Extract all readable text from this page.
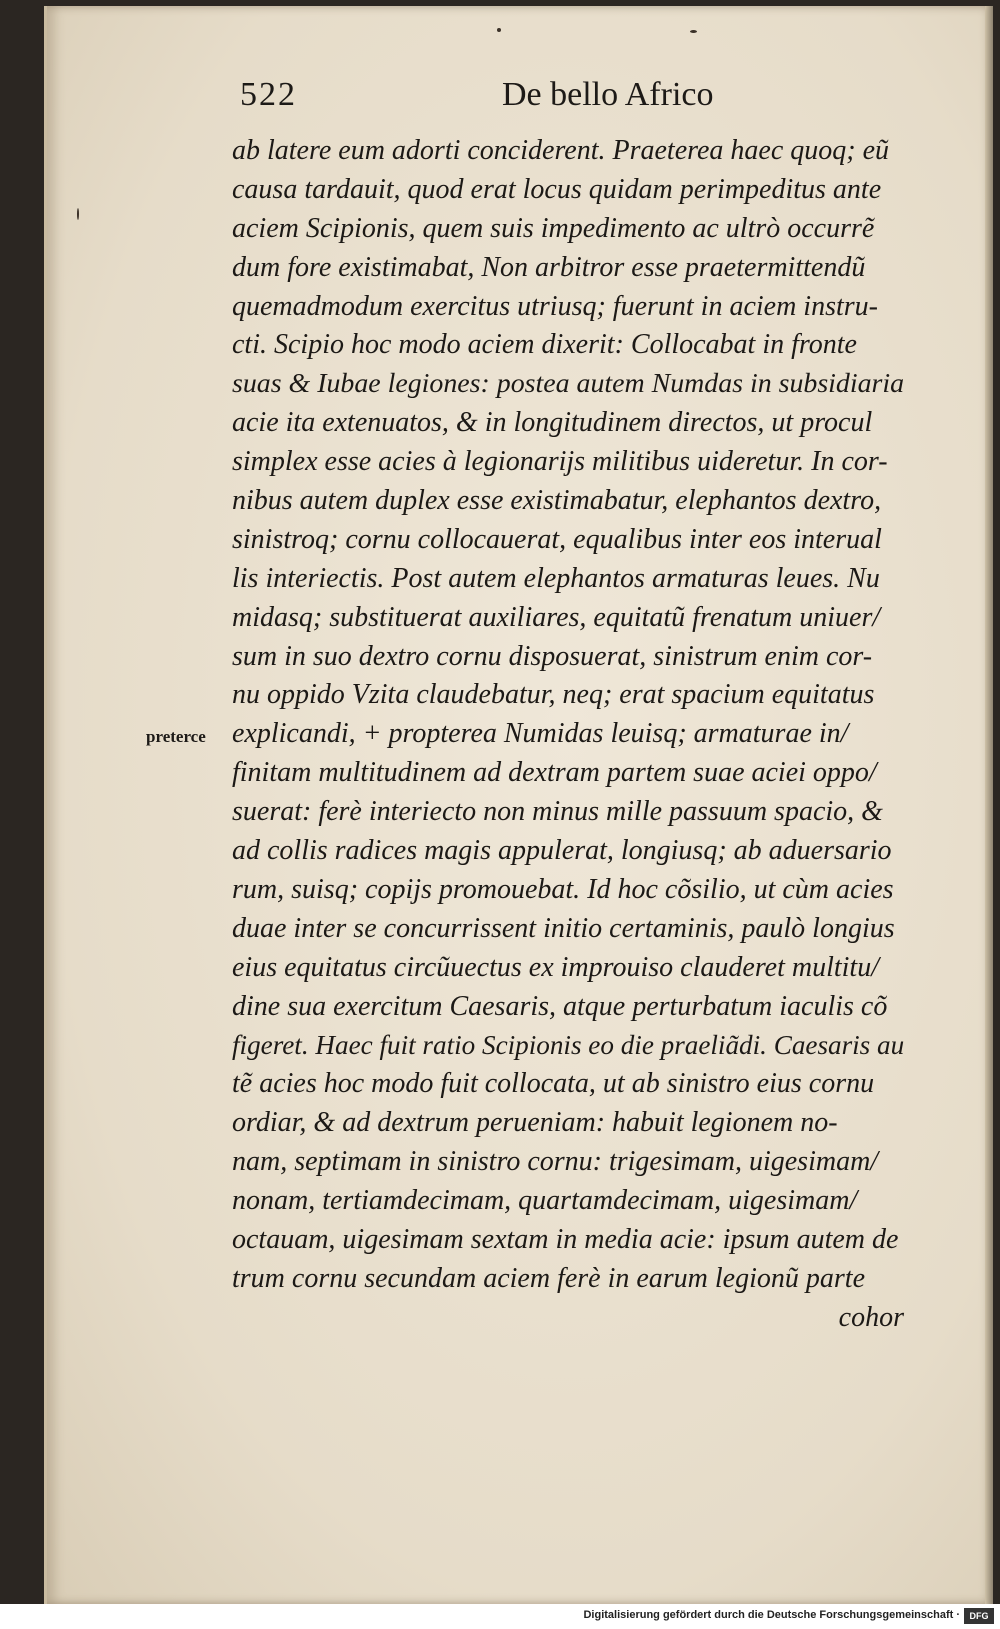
522	De bello Africo
preterce
ab latere eum adorti conciderent. Praeterea haec quoq; eũ
causa tardauit, quod erat locus quidam perimpeditus ante
aciem Scipionis, quem suis impedimento ac ultrò occurrẽ
dum fore existimabat, Non arbitror esse praetermittendũ
quemadmodum exercitus utriusq; fuerunt in aciem instru-
cti. Scipio hoc modo aciem dixerit: Collocabat in fronte
suas & Iubae legiones: postea autem Numdas in subsidiaria
acie ita extenuatos, & in longitudinem directos, ut procul
simplex esse acies à legionarijs militibus uideretur. In cor-
nibus autem duplex esse existimabatur, elephantos dextro,
sinistroq; cornu collocauerat, equalibus inter eos interual
lis interiectis. Post autem elephantos armaturas leues. Nu
midasq; substituerat auxiliares, equitatũ frenatum uniuer/
sum in suo dextro cornu disposuerat, sinistrum enim cor-
nu oppido Vzita claudebatur, neq; erat spacium equitatus
explicandi, + propterea Numidas leuisq; armaturae in/
finitam multitudinem ad dextram partem suae aciei oppo/
suerat: ferè interiecto non minus mille passuum spacio, &
ad collis radices magis appulerat, longiusq; ab aduersario
rum, suisq; copijs promouebat. Id hoc cõsilio, ut cùm acies
duae inter se concurrissent initio certaminis, paulò longius
eius equitatus circũuectus ex improuiso clauderet multitu/
dine sua exercitum Caesaris, atque perturbatum iaculis cõ
figeret. Haec fuit ratio Scipionis eo die praeliãdi. Caesaris au
tẽ acies hoc modo fuit collocata, ut ab sinistro eius cornu
ordiar, & ad dextrum perueniam: habuit legionem no-
nam, septimam in sinistro cornu: trigesimam, uigesimam/
nonam, tertiamdecimam, quartamdecimam, uigesimam/
octauam, uigesimam sextam in media acie: ipsum autem de
trum cornu secundam aciem ferè in earum legionũ parte
cohor
Digitalisierung gefördert durch die Deutsche Forschungsgemeinschaft ·	DFG
